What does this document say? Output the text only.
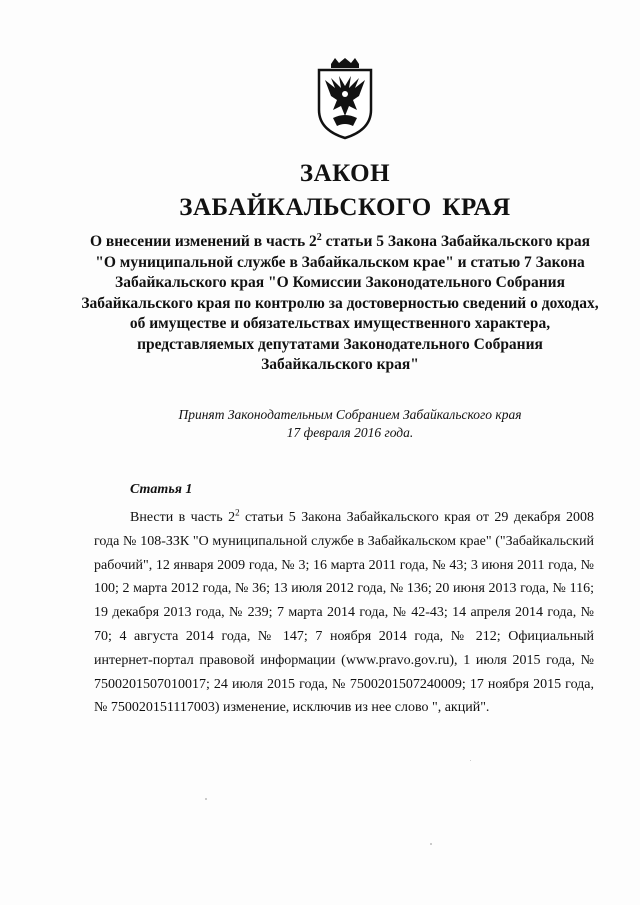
ЗАКОН
ЗАБАЙКАЛЬСКОГО КРАЯ
О внесении изменений в часть $2^2$ статьи 5 Закона Забайкальского края "О муниципальной службе в Забайкальском крае" и статью 7 Закона Забайкальского края "О Комиссии Законодательного Собрания Забайкальского края по контролю за достоверностью сведений о доходах, об имуществе и обязательствах имущественного характера, представляемых депутатами Законодательного Собрания Забайкальского края"
Принят Законодательным Собранием Забайкальского края
17 февраля 2016 года.
Статья 1
Внести в часть $2^2$ статьи 5 Закона Забайкальского края от 29 декабря 2008 года № 108-ЗЗК "О муниципальной службе в Забайкальском крае" ("Забайкальский рабочий", 12 января 2009 года, № 3; 16 марта 2011 года, № 43; 3 июня 2011 года, № 100; 2 марта 2012 года, № 36; 13 июля 2012 года, № 136; 20 июня 2013 года, № 116; 19 декабря 2013 года, № 239; 7 марта 2014 года, № 42-43; 14 апреля 2014 года, № 70; 4 августа 2014 года, № 147; 7 ноября 2014 года, № 212; Официальный интернет-портал правовой информации (www.pravo.gov.ru), 1 июля 2015 года, № 7500201507010017; 24 июля 2015 года, № 7500201507240009; 17 ноября 2015 года, № 750020151117003) изменение, исключив из нее слово ", акций".
